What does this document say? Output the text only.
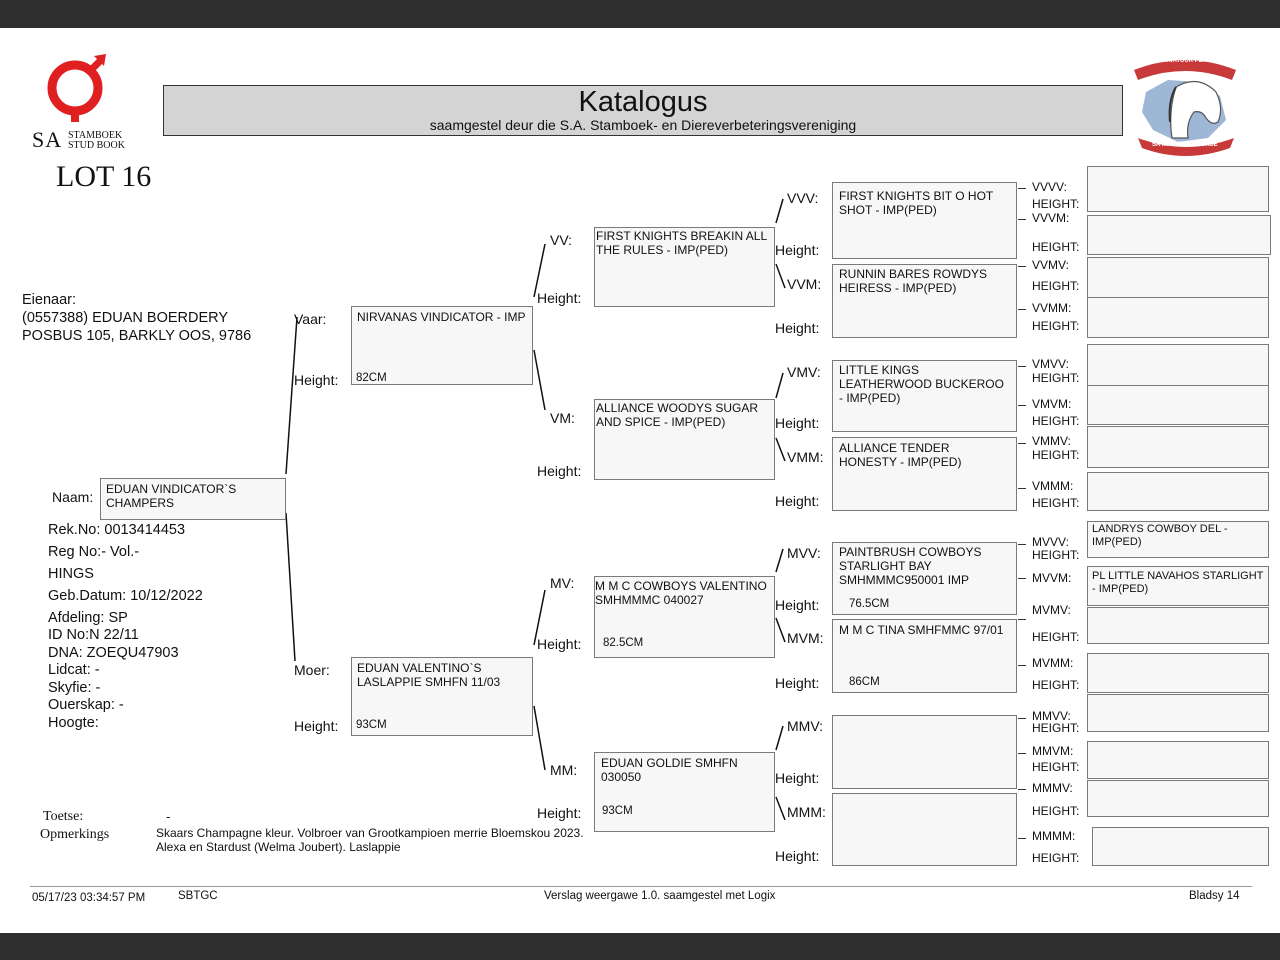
SA STAMBOEK
STUD BOOK
Katalogus
saamgestel deur die S.A. Stamboek- en Diereverbeteringsvereniging
SA MINIATUUR PERD
SA MINIATURE HORSE
LOT 16
Eienaar:
(0557388) EDUAN BOERDERY
POSBUS 105, BARKLY OOS, 9786
Naam:	EDUAN VINDICATOR`S CHAMPERS
Rek.No: 0013414453
Reg No:- Vol.-
HINGS
Geb.Datum: 10/12/2022
Afdeling: SP
ID No:N 22/11
DNA: ZOEQU47903
Lidcat: -
Skyfie: -
Ouerskap: -
Hoogte:
Vaar:	NIRVANAS VINDICATOR - IMP
82CM
Height:
Moer:	EDUAN VALENTINO`S LASLAPPIE SMHFN 11/03
93CM
Height:
VV: FIRST KNIGHTS BREAKIN ALL THE RULES - IMP(PED)
Height:
VM:
ALLIANCE WOODYS SUGAR AND SPICE - IMP(PED)
Height:
MV: M M C COWBOYS VALENTINO SMHMMMC 040027
82.5CM
Height:
MM:	EDUAN GOLDIE SMHFN 030050
93CM
Height:
VVV:	FIRST KNIGHTS BIT O HOT SHOT - IMP(PED)
Height:
VVM:
RUNNIN BARES ROWDYS HEIRESS - IMP(PED)
Height:
VMV:	LITTLE KINGS LEATHERWOOD BUCKEROO - IMP(PED)
Height:
VMM:
ALLIANCE TENDER HONESTY - IMP(PED)
Height:
MVV:	PAINTBRUSH COWBOYS STARLIGHT BAY SMHMMMC950001 IMP
76.5CM
Height:
MVM:	M M C TINA SMHFMMC 97/01
86CM
Height:
MMV:
Height:
MMM:
Height:
VVVV:
HEIGHT:
VVVM:
HEIGHT:
VVMV:
HEIGHT:
VVMM:
HEIGHT:
VMVV:
HEIGHT:
VMVM:
HEIGHT:
VMMV:
HEIGHT:
VMMM:
HEIGHT:
MVVV:
HEIGHT:
MVVM:
MVMV:
HEIGHT:
MVMM:
HEIGHT:
MMVV:
HEIGHT:
MMVM:
HEIGHT:
MMMV:
HEIGHT:
MMMM:
HEIGHT:
LANDRYS COWBOY DEL - IMP(PED)
PL LITTLE NAVAHOS STARLIGHT - IMP(PED)
Toetse:	-
Opmerkings	Skaars Champagne kleur. Volbroer van Grootkampioen merrie Bloemskou 2023.
Alexa en Stardust (Welma Joubert). Laslappie
05/17/23 03:34:57 PM	SBTGC	Verslag weergawe 1.0. saamgestel met Logix	Bladsy 14
